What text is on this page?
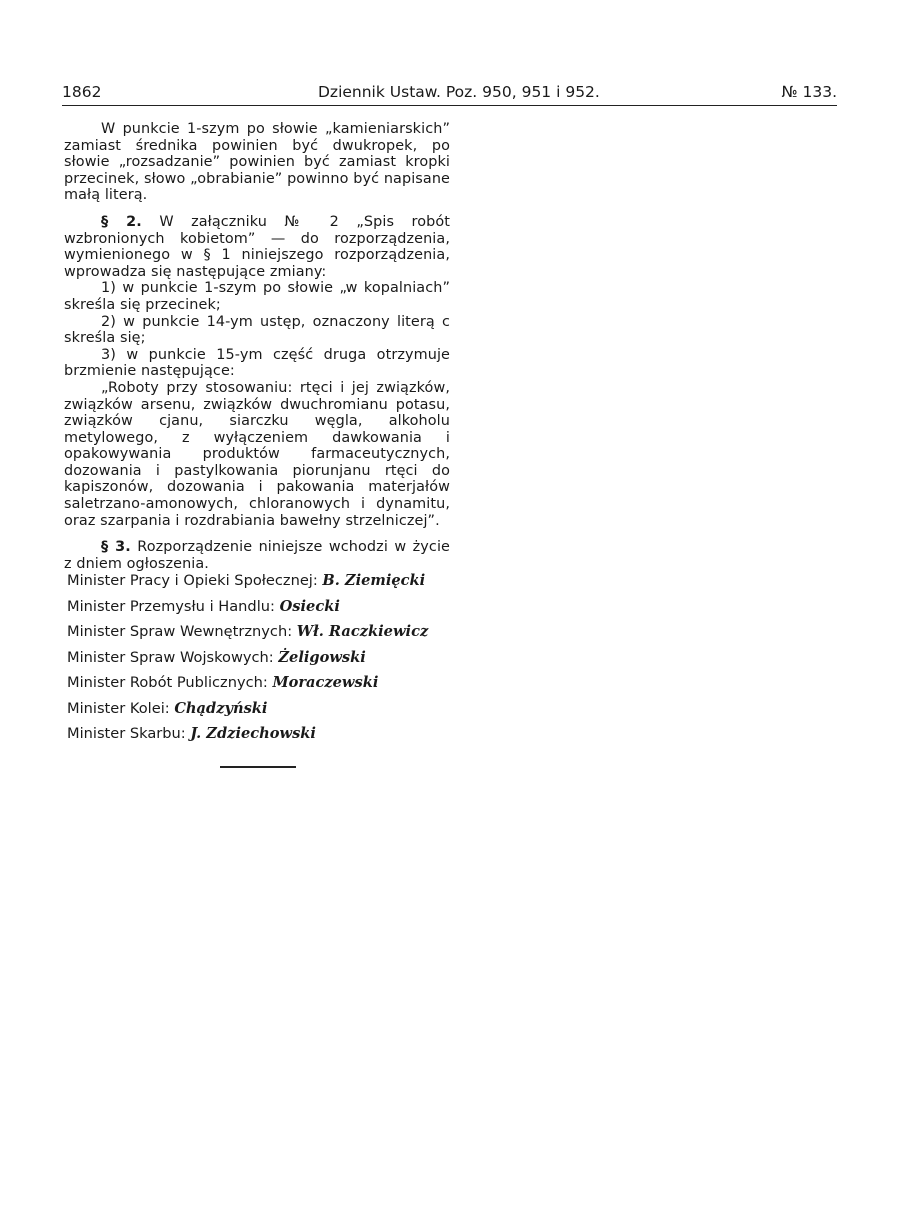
1862	Dziennik Ustaw. Poz. 950, 951 i 952.	№ 133.

W punkcie 1-szym po słowie „kamieniarskich” zamiast średnika powinien być dwukropek, po słowie „rozsadzanie” powinien być zamiast kropki przecinek, słowo „obrabianie” powinno być napisane małą literą.

§ 2. W załączniku № 2 „Spis robót wzbronionych kobietom” — do rozporządzenia, wymienionego w § 1 niniejszego rozporządzenia, wprowadza się następujące zmiany:

1) w punkcie 1-szym po słowie „w kopalniach” skreśla się przecinek;

2) w punkcie 14-ym ustęp, oznaczony literą c skreśla się;

3) w punkcie 15-ym część druga otrzymuje brzmienie następujące:

„Roboty przy stosowaniu: rtęci i jej związków, związków arsenu, związków dwuchromianu potasu, związków cjanu, siarczku węgla, alkoholu metylowego, z wyłączeniem dawkowania i opakowywania produktów farmaceutycznych, dozowania i pastylkowania piorunjanu rtęci do kapiszonów, dozowania i pakowania materjałów saletrzano-amonowych, chloranowych i dynamitu, oraz szarpania i rozdrabiania bawełny strzelniczej”.

§ 3. Rozporządzenie niniejsze wchodzi w życie z dniem ogłoszenia.

Minister Pracy i Opieki Społecznej: B. Ziemięcki
Minister Przemysłu i Handlu: Osiecki
Minister Spraw Wewnętrznych: Wł. Raczkiewicz
Minister Spraw Wojskowych: Żeligowski
Minister Robót Publicznych: Moraczewski
Minister Kolei: Chądzyński
Minister Skarbu: J. Zdziechowski
